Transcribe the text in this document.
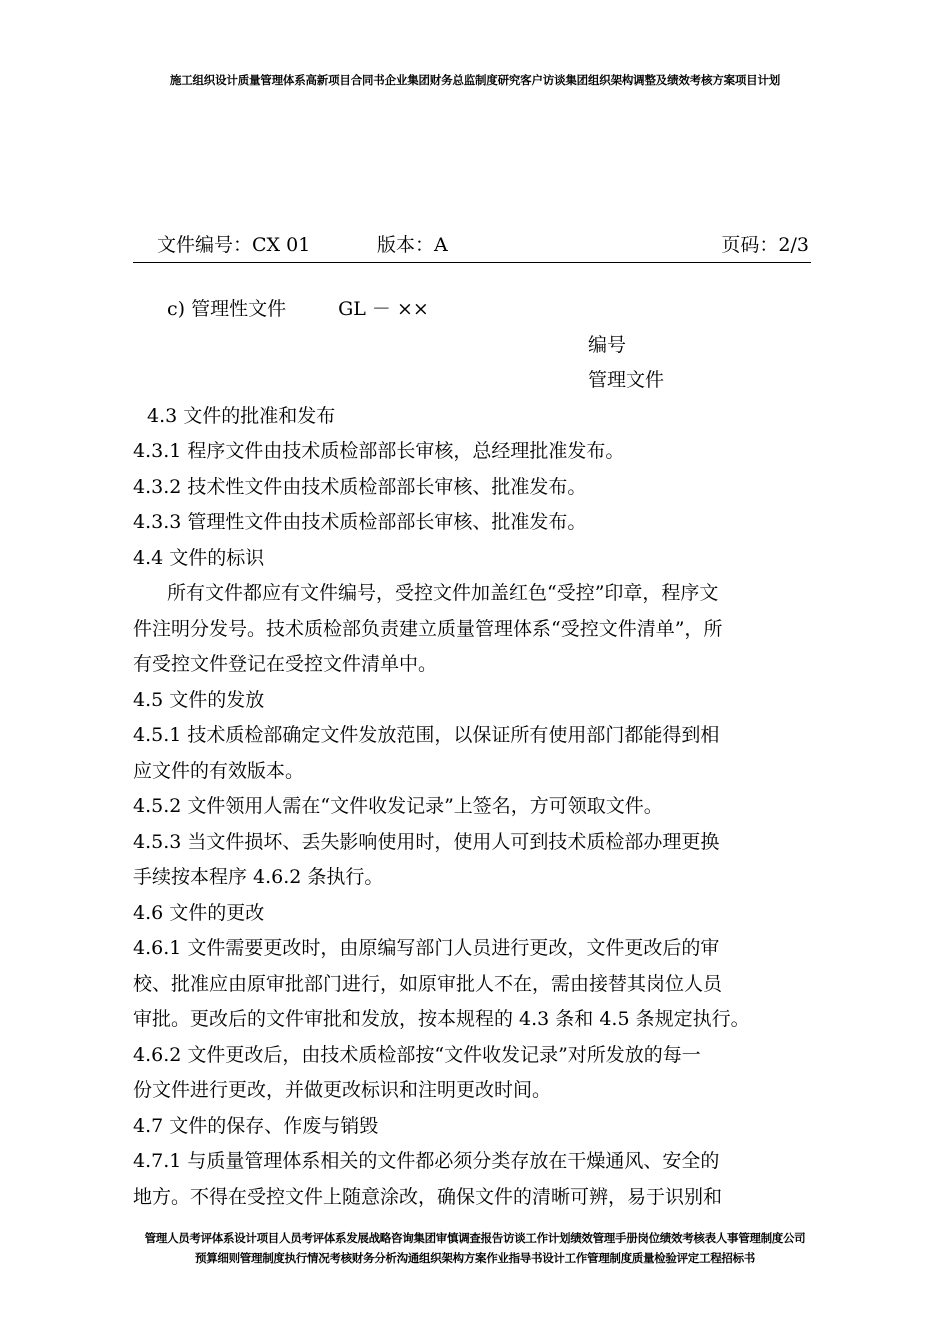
施工组织设计质量管理体系高新项目合同书企业集团财务总监制度研究客户访谈集团组织架构调整及绩效考核方案项目计划
文件编号：CX 01	版本：A	页码：2/3

c) 管理性文件	GL － ××

编号

管理文件

4.3 文件的批准和发布

4.3.1 程序文件由技术质检部部长审核，总经理批准发布。

4.3.2 技术性文件由技术质检部部长审核、批准发布。

4.3.3 管理性文件由技术质检部部长审核、批准发布。

4.4 文件的标识

所有文件都应有文件编号，受控文件加盖红色“受控”印章，程序文

件注明分发号。技术质检部负责建立质量管理体系“受控文件清单”，所

有受控文件登记在受控文件清单中。

4.5 文件的发放

4.5.1 技术质检部确定文件发放范围，以保证所有使用部门都能得到相

应文件的有效版本。

4.5.2 文件领用人需在“文件收发记录”上签名，方可领取文件。

4.5.3 当文件损坏、丢失影响使用时，使用人可到技术质检部办理更换

手续按本程序 4.6.2 条执行。

4.6 文件的更改

4.6.1 文件需要更改时，由原编写部门人员进行更改，文件更改后的审

校、批准应由原审批部门进行，如原审批人不在，需由接替其岗位人员

审批。更改后的文件审批和发放，按本规程的 4.3 条和 4.5 条规定执行。

4.6.2 文件更改后，由技术质检部按“文件收发记录”对所发放的每一

份文件进行更改，并做更改标识和注明更改时间。

4.7 文件的保存、作废与销毁

4.7.1 与质量管理体系相关的文件都必须分类存放在干燥通风、安全的

地方。不得在受控文件上随意涂改，确保文件的清晰可辨，易于识别和

管理人员考评体系设计项目人员考评体系发展战略咨询集团审慎调查报告访谈工作计划绩效管理手册岗位绩效考核表人事管理制度公司
预算细则管理制度执行情况考核财务分析沟通组织架构方案作业指导书设计工作管理制度质量检验评定工程招标书
